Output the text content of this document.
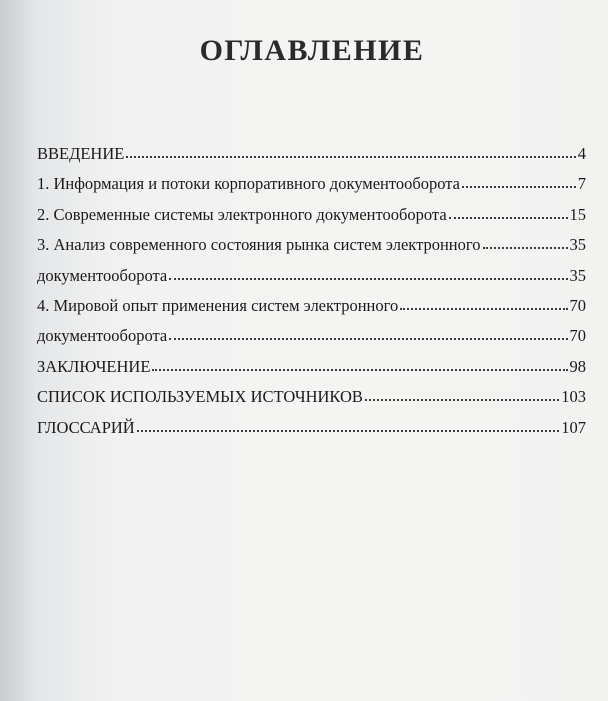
ОГЛАВЛЕНИЕ
ВВЕДЕНИЕ	4
1. Информация и потоки корпоративного документооборота	7
2. Современные системы электронного документооборота	15
3. Анализ современного состояния рынка систем электронного	35
документооборота	35
4. Мировой опыт применения систем электронного	70
документооборота	70
ЗАКЛЮЧЕНИЕ	98
СПИСОК ИСПОЛЬЗУЕМЫХ ИСТОЧНИКОВ	103
ГЛОССАРИЙ	107
